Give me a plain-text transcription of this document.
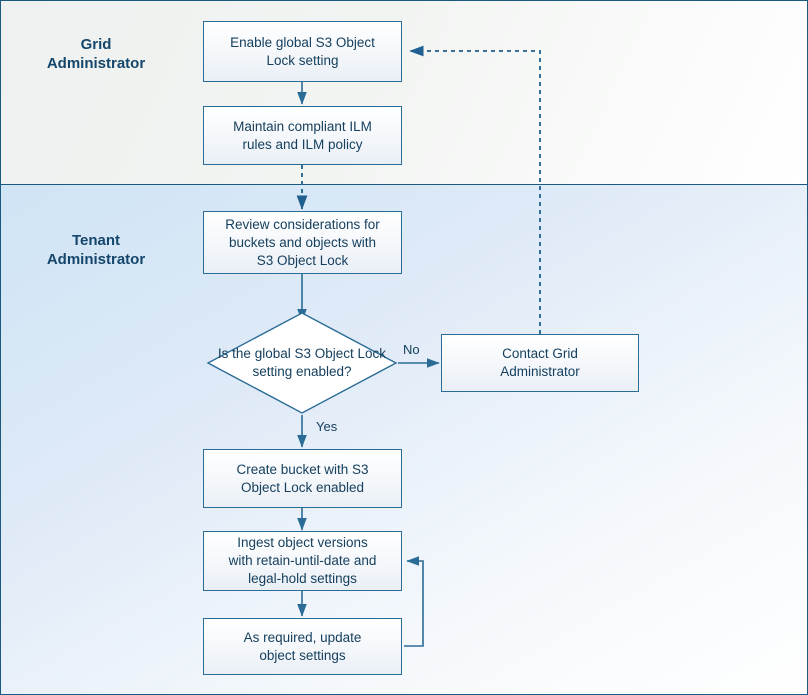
Grid
Administrator
Tenant
Administrator
Enable global S3 Object
Lock setting
Maintain compliant ILM
rules and ILM policy
Review considerations for
buckets and objects with
S3 Object Lock
Is the global S3 Object Lock setting enabled?
Contact Grid
Administrator
Create bucket with S3
Object Lock enabled
Ingest object versions
with retain-until-date and
legal-hold settings
As required, update
object settings
No
Yes
